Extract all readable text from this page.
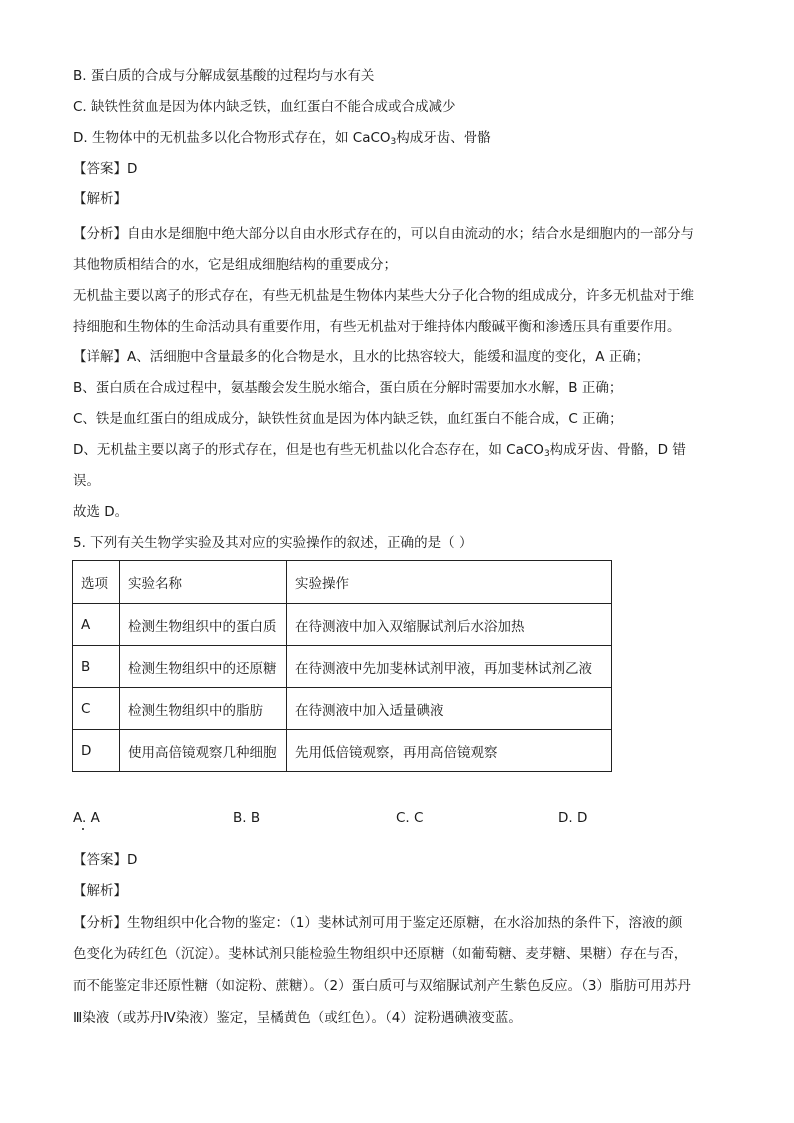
B. 蛋白质的合成与分解成氨基酸的过程均与水有关
C. 缺铁性贫血是因为体内缺乏铁，血红蛋白不能合成或合成减少
D. 生物体中的无机盐多以化合物形式存在，如 CaCO$_3$构成牙齿、骨骼
【答案】D
【解析】
【分析】自由水是细胞中绝大部分以自由水形式存在的，可以自由流动的水；结合水是细胞内的一部分与
其他物质相结合的水，它是组成细胞结构的重要成分；
无机盐主要以离子的形式存在，有些无机盐是生物体内某些大分子化合物的组成成分，许多无机盐对于维
持细胞和生物体的生命活动具有重要作用，有些无机盐对于维持体内酸碱平衡和渗透压具有重要作用。
【详解】A、活细胞中含量最多的化合物是水，且水的比热容较大，能缓和温度的变化，A 正确；
B、蛋白质在合成过程中，氨基酸会发生脱水缩合，蛋白质在分解时需要加水水解，B 正确；
C、铁是血红蛋白的组成成分，缺铁性贫血是因为体内缺乏铁，血红蛋白不能合成，C 正确；
D、无机盐主要以离子的形式存在，但是也有些无机盐以化合态存在，如 CaCO$_3$构成牙齿、骨骼，D 错
误。
故选 D。
5. 下列有关生物学实验及其对应的实验操作的叙述，正确的是（ ）
选项	实验名称	实验操作
A	检测生物组织中的蛋白质	在待测液中加入双缩脲试剂后水浴加热
B	检测生物组织中的还原糖	在待测液中先加斐林试剂甲液，再加斐林试剂乙液
C	检测生物组织中的脂肪	在待测液中加入适量碘液
D	使用高倍镜观察几种细胞	先用低倍镜观察，再用高倍镜观察
A. A	B. B	C. C	D. D
【答案】D
【解析】
【分析】生物组织中化合物的鉴定：（1）斐林试剂可用于鉴定还原糖，在水浴加热的条件下，溶液的颜
色变化为砖红色（沉淀）。斐林试剂只能检验生物组织中还原糖（如葡萄糖、麦芽糖、果糖）存在与否，
而不能鉴定非还原性糖（如淀粉、蔗糖）。（2）蛋白质可与双缩脲试剂产生紫色反应。（3）脂肪可用苏丹
Ⅲ染液（或苏丹Ⅳ染液）鉴定，呈橘黄色（或红色）。（4）淀粉遇碘液变蓝。
